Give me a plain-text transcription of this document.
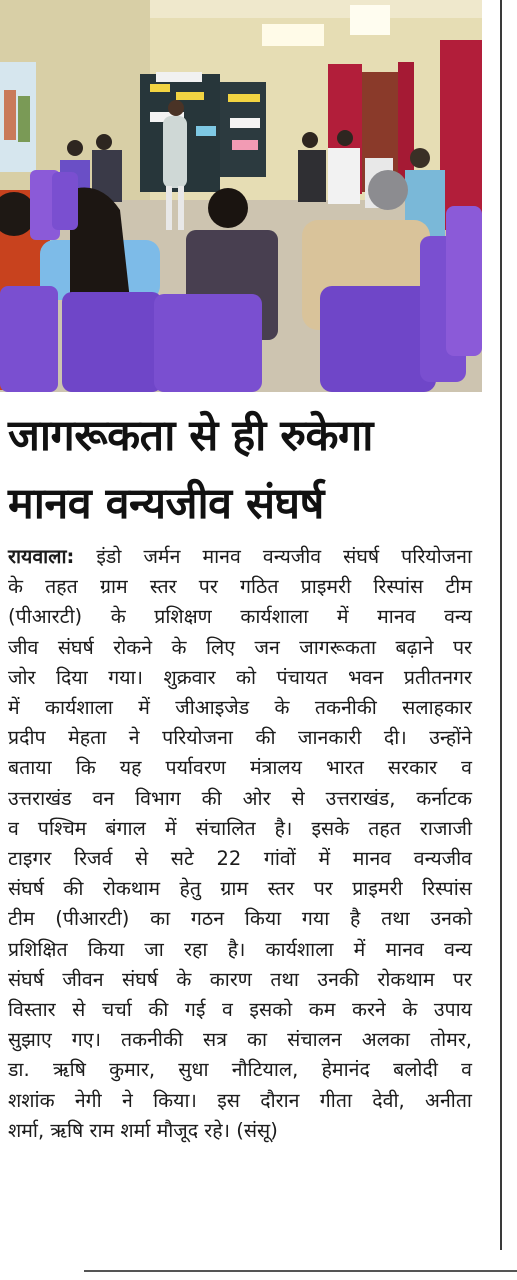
जागरूकता से ही रुकेगा
मानव वन्यजीव संघर्ष
रायवाला: इंडो जर्मन मानव वन्यजीव संघर्ष परियोजना
के तहत ग्राम स्तर पर गठित प्राइमरी रिस्पांस टीम
(पीआरटी) के प्रशिक्षण कार्यशाला में मानव वन्य
जीव संघर्ष रोकने के लिए जन जागरूकता बढ़ाने पर
जोर दिया गया। शुक्रवार को पंचायत भवन प्रतीतनगर
में कार्यशाला में जीआइजेड के तकनीकी सलाहकार
प्रदीप मेहता ने परियोजना की जानकारी दी। उन्होंने
बताया कि यह पर्यावरण मंत्रालय भारत सरकार व
उत्तराखंड वन विभाग की ओर से उत्तराखंड, कर्नाटक
व पश्चिम बंगाल में संचालित है। इसके तहत राजाजी
टाइगर रिजर्व से सटे 22 गांवों में मानव वन्यजीव
संघर्ष की रोकथाम हेतु ग्राम स्तर पर प्राइमरी रिस्पांस
टीम (पीआरटी) का गठन किया गया है तथा उनको
प्रशिक्षित किया जा रहा है। कार्यशाला में मानव वन्य
संघर्ष जीवन संघर्ष के कारण तथा उनकी रोकथाम पर
विस्तार से चर्चा की गई व इसको कम करने के उपाय
सुझाए गए। तकनीकी सत्र का संचालन अलका तोमर,
डा. ऋषि कुमार, सुधा नौटियाल, हेमानंद बलोदी व
शशांक नेगी ने किया। इस दौरान गीता देवी, अनीता
शर्मा, ऋषि राम शर्मा मौजूद रहे। (संसू)
